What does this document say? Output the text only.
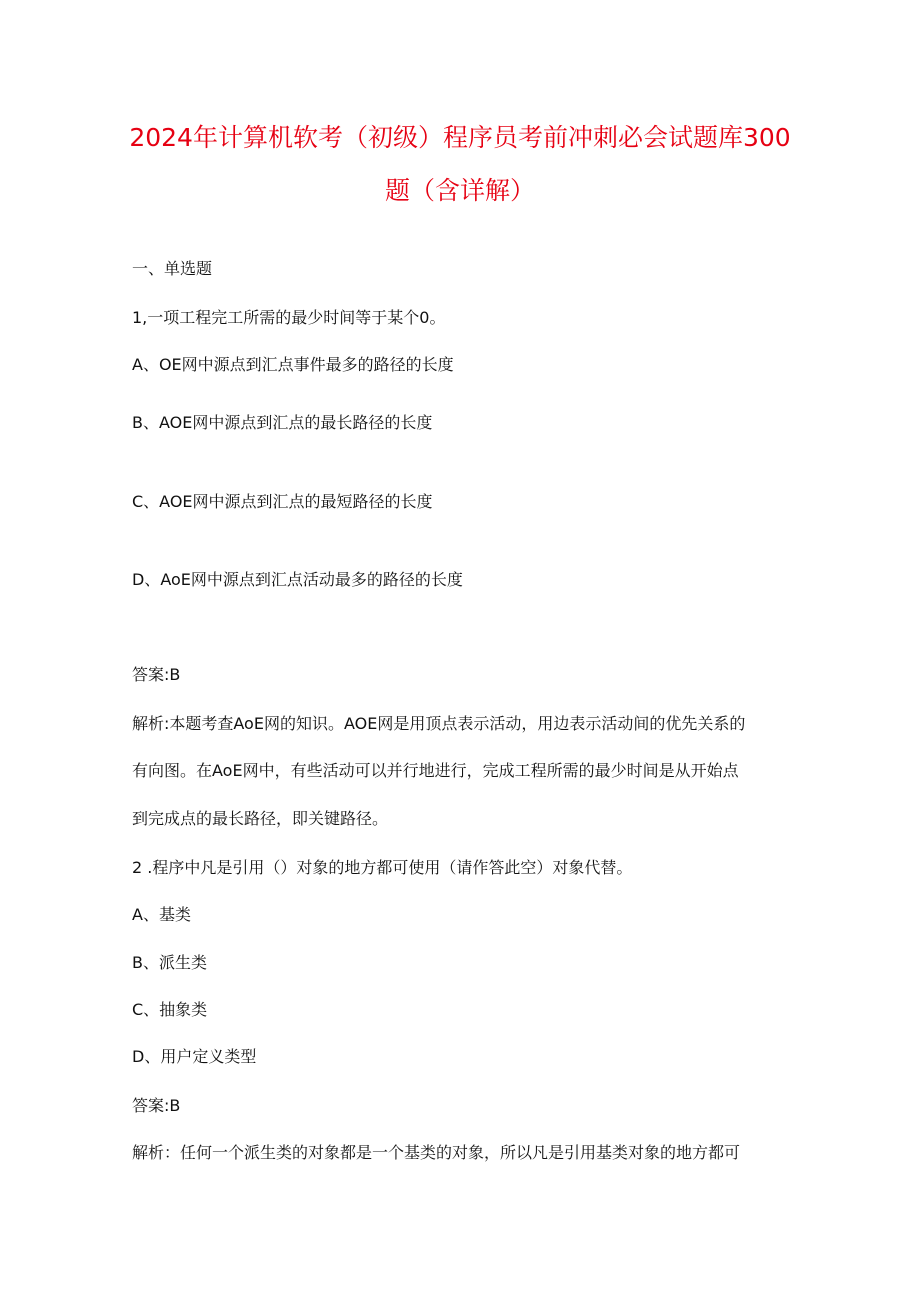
2024年计算机软考（初级）程序员考前冲刺必会试题库300
题（含详解）
一、单选题
1,一项工程完工所需的最少时间等于某个0。
A、OE网中源点到汇点事件最多的路径的长度
B、AOE网中源点到汇点的最长路径的长度
C、AOE网中源点到汇点的最短路径的长度
D、AoE网中源点到汇点活动最多的路径的长度
答案:B
解析:本题考查AoE网的知识。AOE网是用顶点表示活动，用边表示活动间的优先关系的
有向图。在AoE网中，有些活动可以并行地进行，完成工程所需的最少时间是从开始点
到完成点的最长路径，即关键路径。
2 .程序中凡是引用（）对象的地方都可使用（请作答此空）对象代替。
A、基类
B、派生类
C、抽象类
D、用户定义类型
答案:B
解析：任何一个派生类的对象都是一个基类的对象，所以凡是引用基类对象的地方都可
